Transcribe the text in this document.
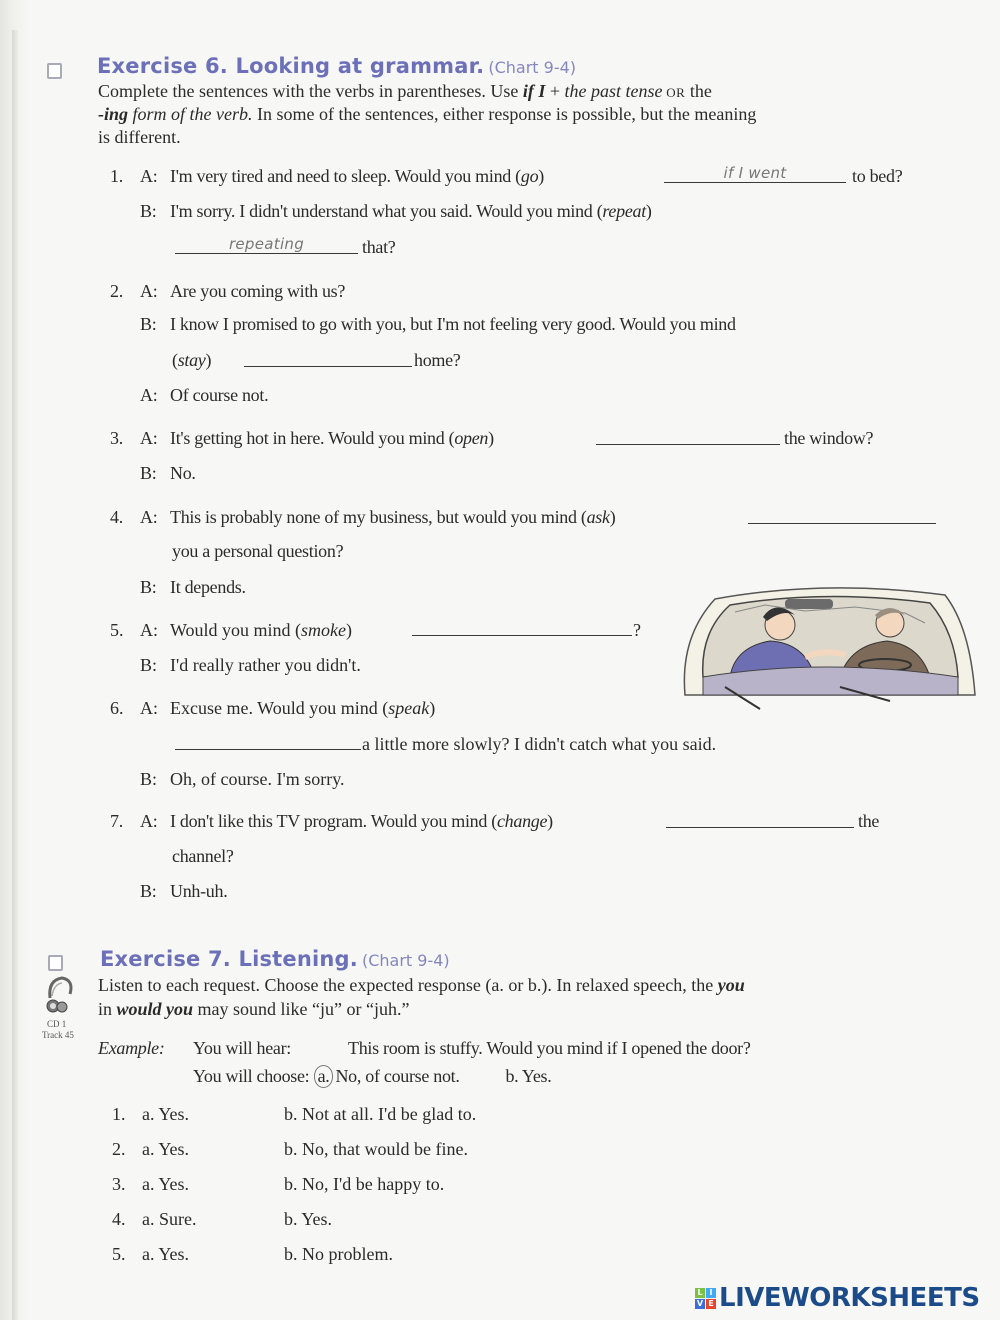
Exercise 6. Looking at grammar. (Chart 9-4)
Complete the sentences with the verbs in parentheses. Use if I + the past tense OR the
-ing form of the verb. In some of the sentences, either response is possible, but the meaning
is different.
1. A: I'm very tired and need to sleep. Would you mind (go)	if I went	to bed?
B: I'm sorry. I didn't understand what you said. Would you mind (repeat)
repeating	that?
2. A: Are you coming with us?
B: I know I promised to go with you, but I'm not feeling very good. Would you mind
(stay)	home?
A: Of course not.
3. A: It's getting hot in here. Would you mind (open)	the window?
B: No.
4. A: This is probably none of my business, but would you mind (ask)
you a personal question?
B: It depends.
5. A: Would you mind (smoke)	?
B: I'd really rather you didn't.
6. A: Excuse me. Would you mind (speak)
a little more slowly? I didn't catch what you said.
B: Oh, of course. I'm sorry.
7. A: I don't like this TV program. Would you mind (change)	the
channel?
B: Unh-uh.
Exercise 7. Listening. (Chart 9-4)
CD 1
Track 45
Listen to each request. Choose the expected response (a. or b.). In relaxed speech, the you
in would you may sound like “ju” or “juh.”
Example: You will hear:	This room is stuffy. Would you mind if I opened the door?
You will choose: a. No, of course not.	b. Yes.
1. a. Yes.	b. Not at all. I'd be glad to.
2. a. Yes.	b. No, that would be fine.
3. a. Yes.	b. No, I'd be happy to.
4. a. Sure.	b. Yes.
5. a. Yes.	b. No problem.
L I
V E LIVEWORKSHEETS
